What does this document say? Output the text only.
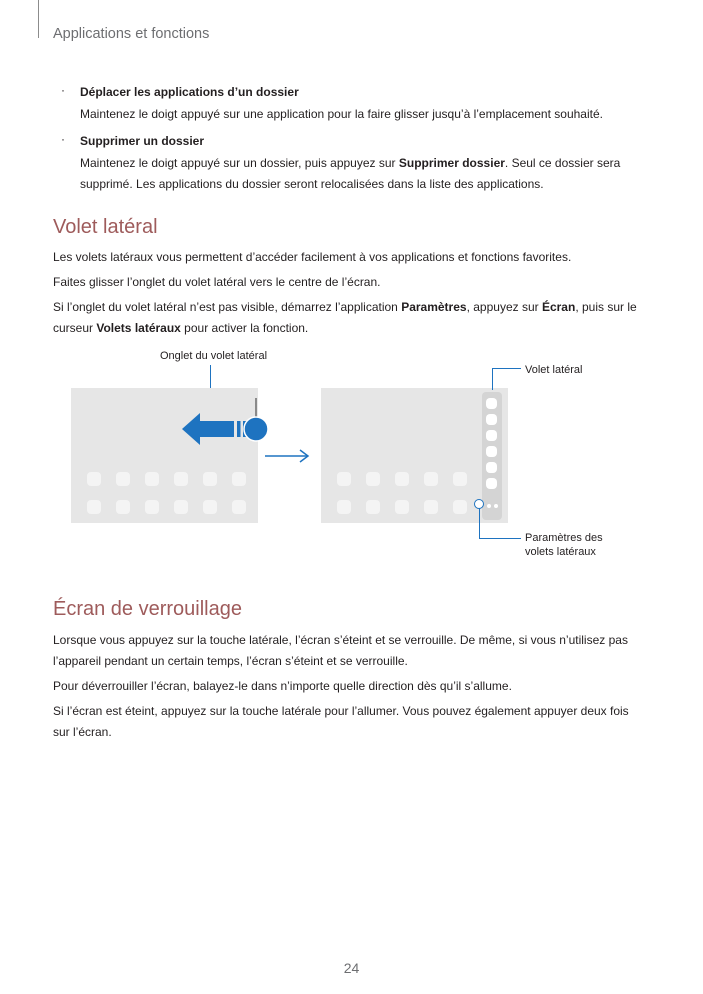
Applications et fonctions
· Déplacer les applications d’un dossier
Maintenez le doigt appuyé sur une application pour la faire glisser jusqu’à l’emplacement souhaité.
· Supprimer un dossier
Maintenez le doigt appuyé sur un dossier, puis appuyez sur Supprimer dossier. Seul ce dossier sera supprimé. Les applications du dossier seront relocalisées dans la liste des applications.
Volet latéral

Les volets latéraux vous permettent d’accéder facilement à vos applications et fonctions favorites.

Faites glisser l’onglet du volet latéral vers le centre de l’écran.

Si l’onglet du volet latéral n’est pas visible, démarrez l’application Paramètres, appuyez sur Écran, puis sur le curseur Volets latéraux pour activer la fonction.

Onglet du volet latéral
Volet latéral
Paramètres des
volets latéraux
Écran de verrouillage

Lorsque vous appuyez sur la touche latérale, l’écran s’éteint et se verrouille. De même, si vous n’utilisez pas l’appareil pendant un certain temps, l’écran s’éteint et se verrouille.

Pour déverrouiller l’écran, balayez-le dans n’importe quelle direction dès qu’il s’allume.

Si l’écran est éteint, appuyez sur la touche latérale pour l’allumer. Vous pouvez également appuyer deux fois sur l’écran.

24
